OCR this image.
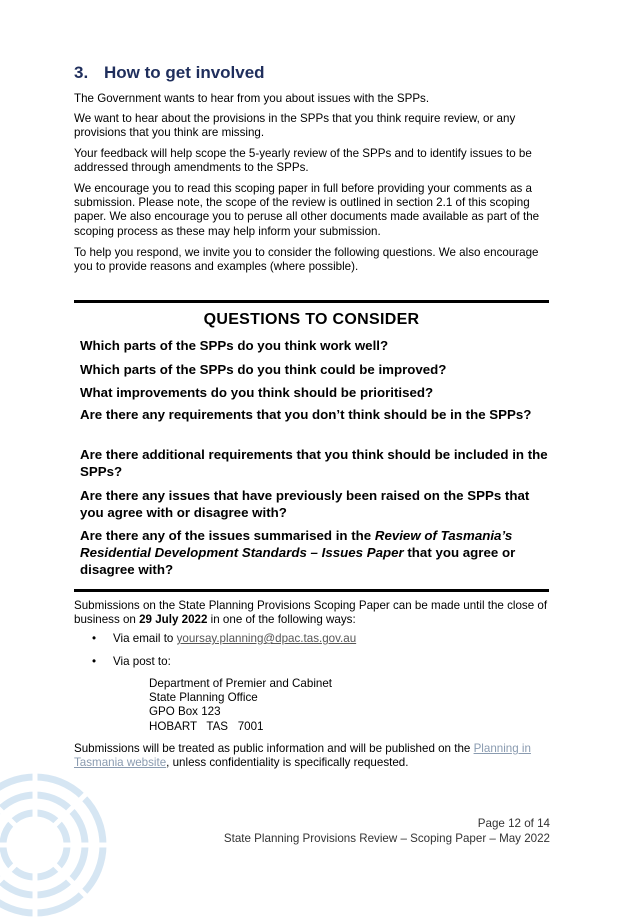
3. How to get involved

The Government wants to hear from you about issues with the SPPs.

We want to hear about the provisions in the SPPs that you think require review, or any provisions that you think are missing.

Your feedback will help scope the 5-yearly review of the SPPs and to identify issues to be addressed through amendments to the SPPs.

We encourage you to read this scoping paper in full before providing your comments as a submission. Please note, the scope of the review is outlined in section 2.1 of this scoping paper. We also encourage you to peruse all other documents made available as part of the scoping process as these may help inform your submission.

To help you respond, we invite you to consider the following questions. We also encourage you to provide reasons and examples (where possible).

QUESTIONS TO CONSIDER

Which parts of the SPPs do you think work well?

Which parts of the SPPs do you think could be improved?

What improvements do you think should be prioritised?

Are there any requirements that you don’t think should be in the SPPs?

Are there additional requirements that you think should be included in the SPPs?

Are there any issues that have previously been raised on the SPPs that you agree with or disagree with?

Are there any of the issues summarised in the Review of Tasmania’s Residential Development Standards – Issues Paper that you agree or disagree with?

Submissions on the State Planning Provisions Scoping Paper can be made until the close of business on 29 July 2022 in one of the following ways:

• Via email to yoursay.planning@dpac.tas.gov.au
• Via post to:
Department of Premier and Cabinet
State Planning Office
GPO Box 123
HOBART   TAS   7001

Submissions will be treated as public information and will be published on the Planning in Tasmania website, unless confidentiality is specifically requested.

Page 12 of 14
State Planning Provisions Review – Scoping Paper – May 2022
